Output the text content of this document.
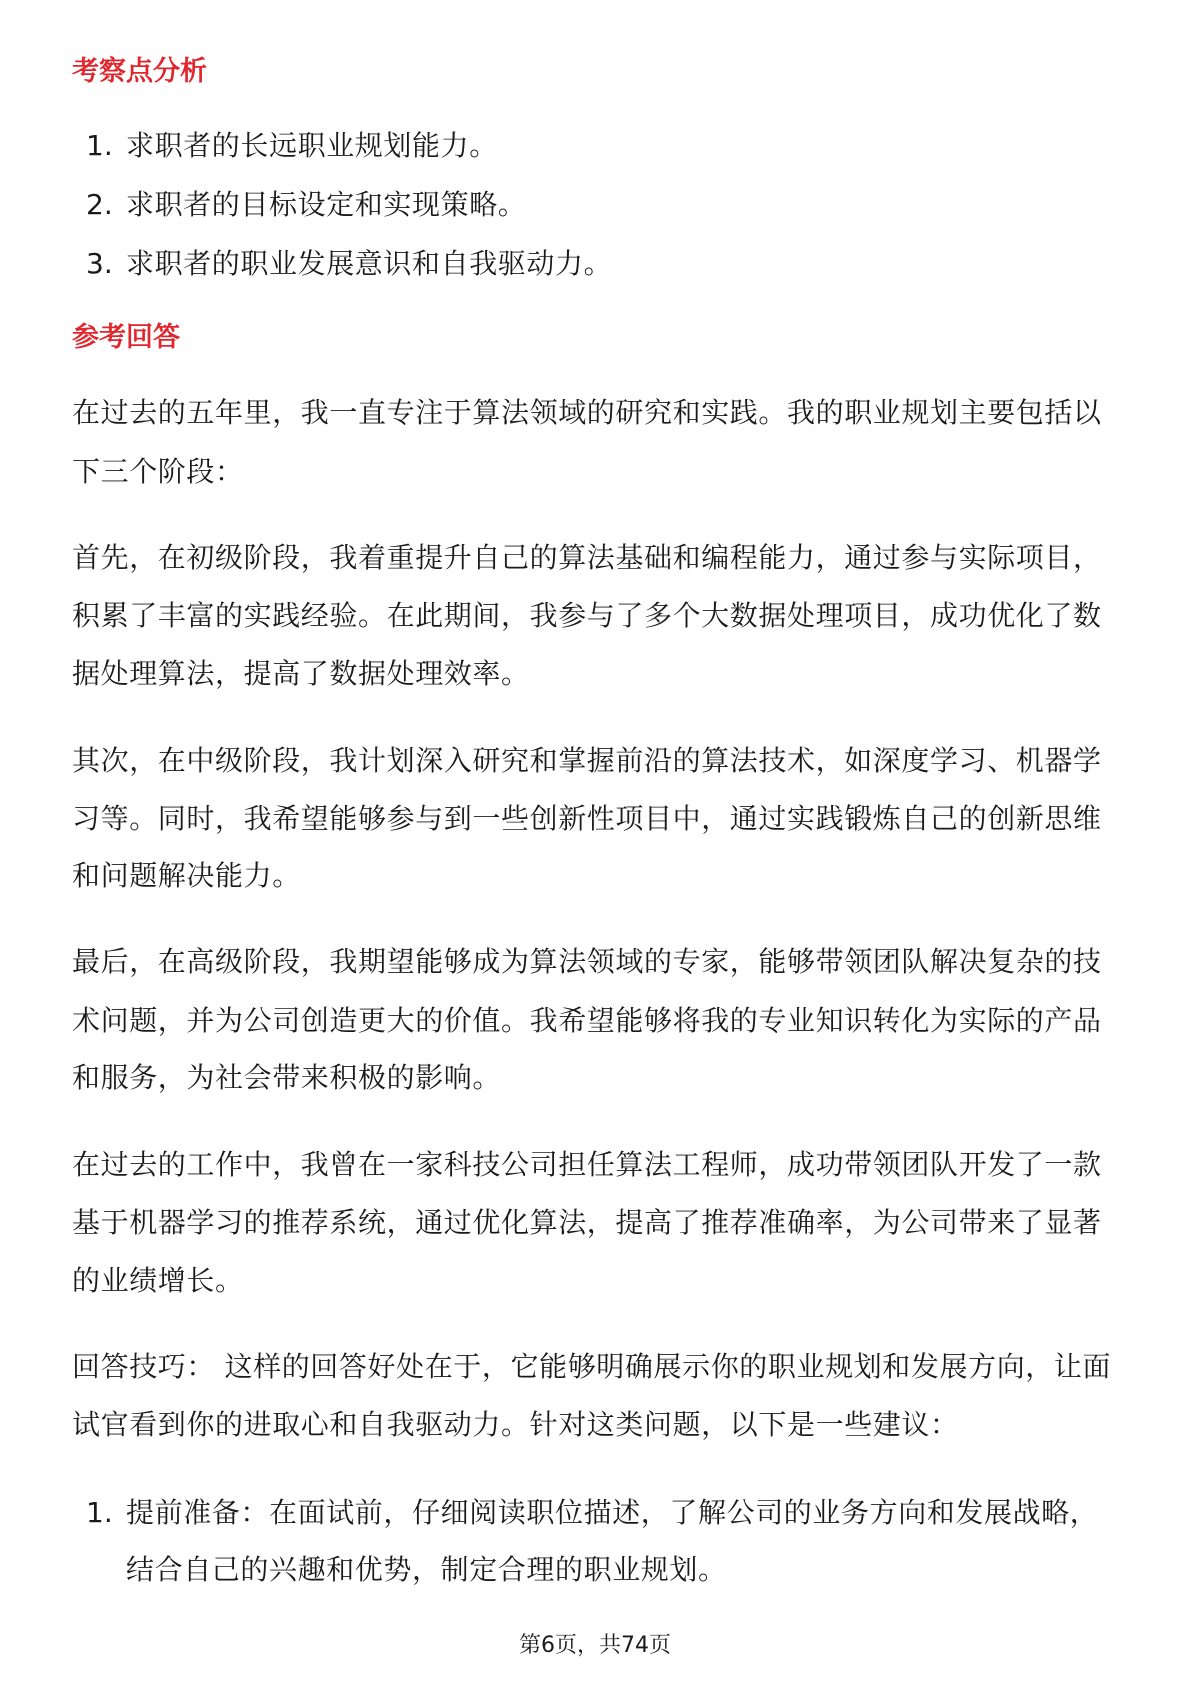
考察点分析
1. 求职者的长远职业规划能力。
2. 求职者的目标设定和实现策略。
3. 求职者的职业发展意识和自我驱动力。
参考回答
在过去的五年里，我一直专注于算法领域的研究和实践。我的职业规划主要包括以
下三个阶段：
首先，在初级阶段，我着重提升自己的算法基础和编程能力，通过参与实际项目，
积累了丰富的实践经验。在此期间，我参与了多个大数据处理项目，成功优化了数
据处理算法，提高了数据处理效率。
其次，在中级阶段，我计划深入研究和掌握前沿的算法技术，如深度学习、机器学
习等。同时，我希望能够参与到一些创新性项目中，通过实践锻炼自己的创新思维
和问题解决能力。
最后，在高级阶段，我期望能够成为算法领域的专家，能够带领团队解决复杂的技
术问题，并为公司创造更大的价值。我希望能够将我的专业知识转化为实际的产品
和服务，为社会带来积极的影响。
在过去的工作中，我曾在一家科技公司担任算法工程师，成功带领团队开发了一款
基于机器学习的推荐系统，通过优化算法，提高了推荐准确率，为公司带来了显著
的业绩增长。
回答技巧： 这样的回答好处在于，它能够明确展示你的职业规划和发展方向，让面
试官看到你的进取心和自我驱动力。针对这类问题，以下是一些建议：
1. 提前准备：在面试前，仔细阅读职位描述，了解公司的业务方向和发展战略，
结合自己的兴趣和优势，制定合理的职业规划。
第6页，共74页
